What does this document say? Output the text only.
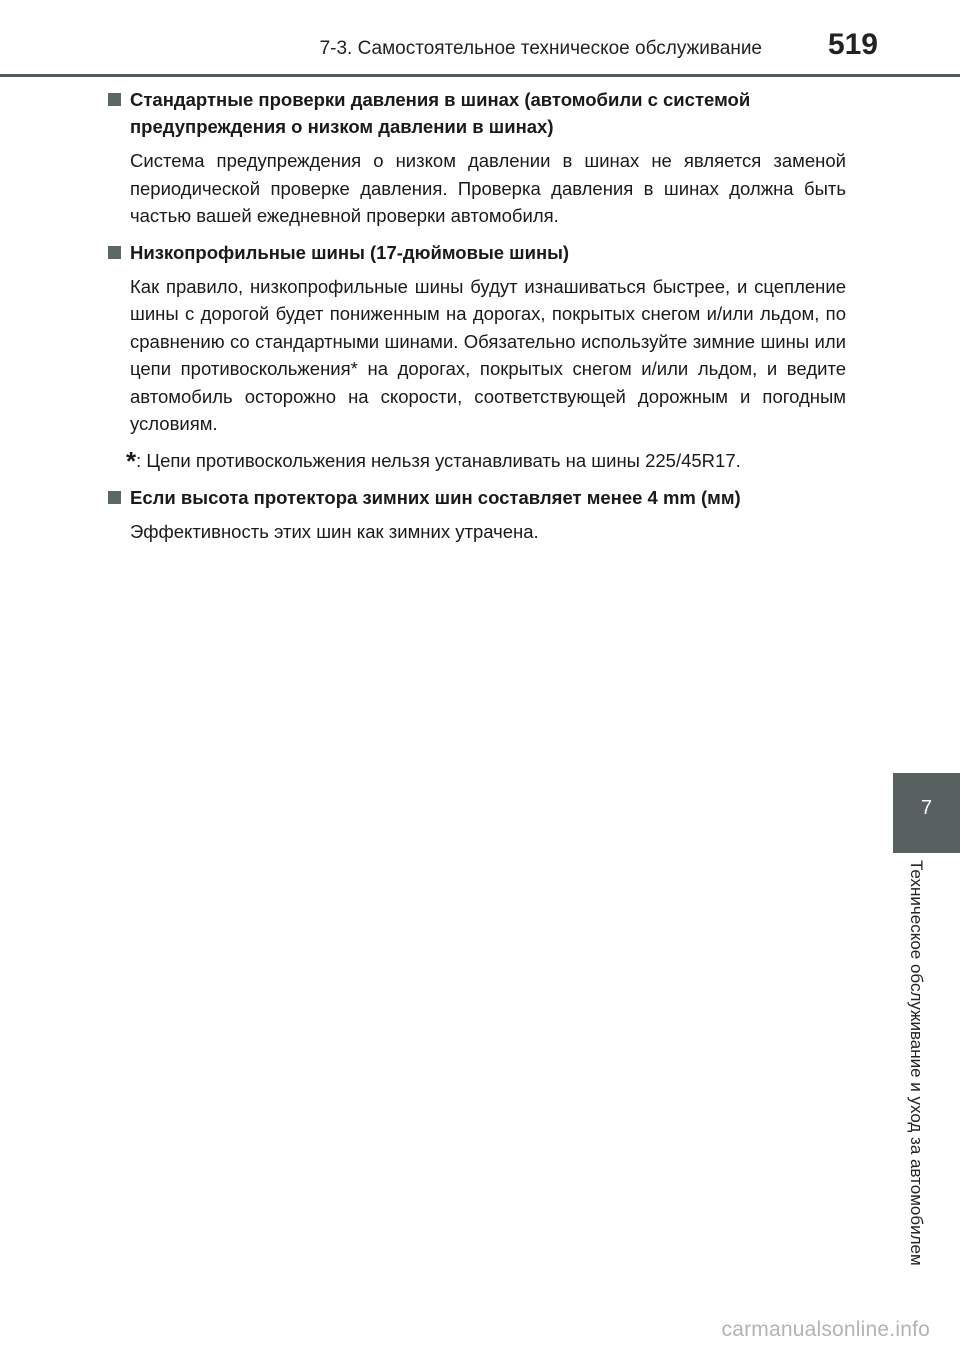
7-3. Самостоятельное техническое обслуживание 519
Стандартные проверки давления в шинах (автомобили с системой
предупреждения о низком давлении в шинах)
Система предупреждения о низком давлении в шинах не является заменой периодической проверке давления. Проверка давления в шинах должна быть частью вашей ежедневной проверки автомобиля.
Низкопрофильные шины (17-дюймовые шины)
Как правило, низкопрофильные шины будут изнашиваться быстрее, и сцепление шины с дорогой будет пониженным на дорогах, покрытых снегом и/или льдом, по сравнению со стандартными шинами. Обязательно используйте зимние шины или цепи противоскольжения* на дорогах, покрытых снегом и/или льдом, и ведите автомобиль осторожно на скорости, соответствующей дорожным и погодным условиям.
*: Цепи противоскольжения нельзя устанавливать на шины 225/45R17.
Если высота протектора зимних шин составляет менее 4 mm (мм)
Эффективность этих шин как зимних утрачена.
7
Техническое обслуживание и уход за автомобилем
carmanualsonline.info
